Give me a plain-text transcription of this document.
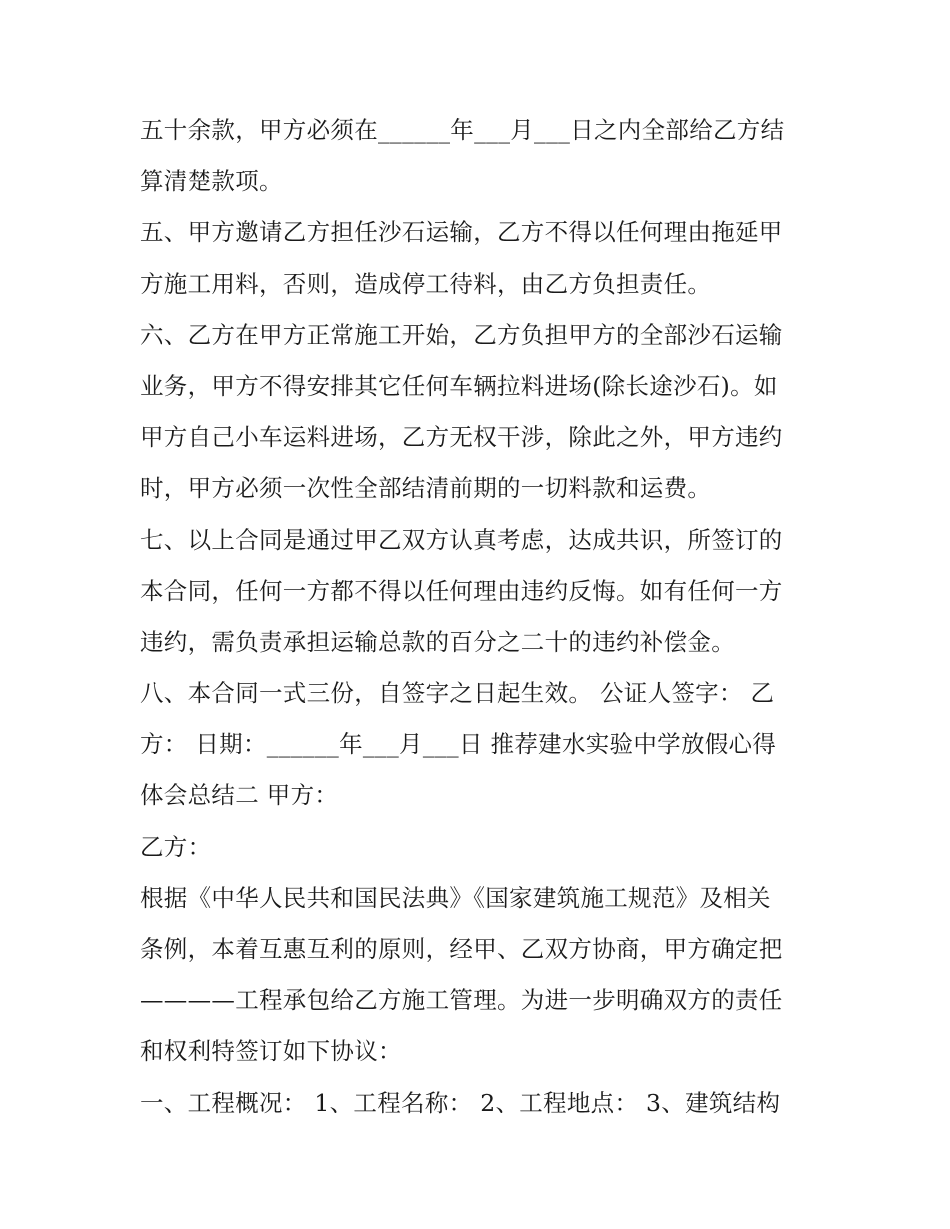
五十余款，甲方必须在______年___月___日之内全部给乙方结
算清楚款项。
五、甲方邀请乙方担任沙石运输，乙方不得以任何理由拖延甲
方施工用料，否则，造成停工待料，由乙方负担责任。
六、乙方在甲方正常施工开始，乙方负担甲方的全部沙石运输
业务，甲方不得安排其它任何车辆拉料进场(除长途沙石)。如
甲方自己小车运料进场，乙方无权干涉，除此之外，甲方违约
时，甲方必须一次性全部结清前期的一切料款和运费。
七、以上合同是通过甲乙双方认真考虑，达成共识，所签订的
本合同，任何一方都不得以任何理由违约反悔。如有任何一方
违约，需负责承担运输总款的百分之二十的违约补偿金。
八、本合同一式三份，自签字之日起生效。 公证人签字： 乙
方： 日期：______年___月___日 推荐建水实验中学放假心得
体会总结二 甲方：
乙方：
根据《中华人民共和国民法典》《国家建筑施工规范》及相关
条例，本着互惠互利的原则，经甲、乙双方协商，甲方确定把
————工程承包给乙方施工管理。为进一步明确双方的责任
和权利特签订如下协议：
一、工程概况： 1、工程名称： 2、工程地点： 3、建筑结构
